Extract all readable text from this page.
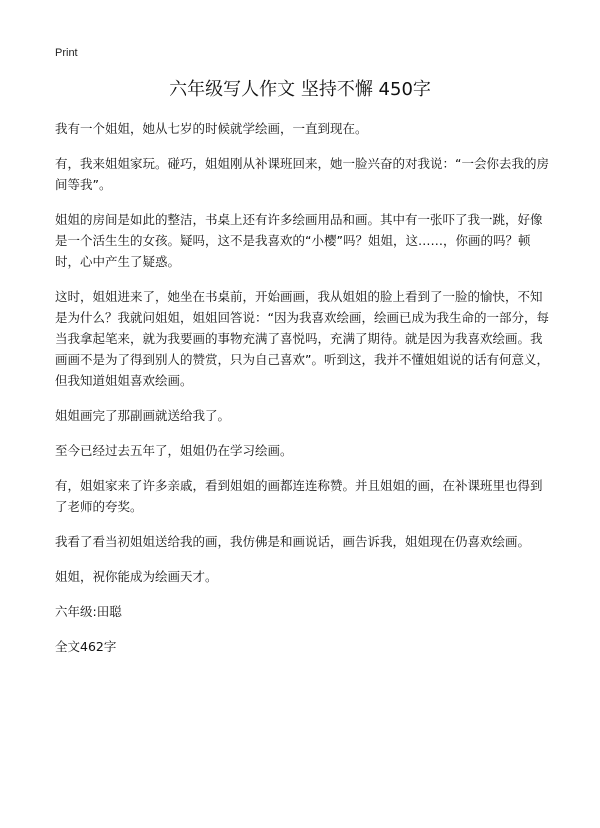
Print
六年级写人作文 坚持不懈 450字

我有一个姐姐，她从七岁的时候就学绘画，一直到现在。

有，我来姐姐家玩。碰巧，姐姐刚从补课班回来，她一脸兴奋的对我说：“一会你去我的房间等我”。

姐姐的房间是如此的整洁，书桌上还有许多绘画用品和画。其中有一张吓了我一跳，好像是一个活生生的女孩。疑吗，这不是我喜欢的“小樱”吗？姐姐，这……，你画的吗？顿时，心中产生了疑惑。

这时，姐姐进来了，她坐在书桌前，开始画画，我从姐姐的脸上看到了一脸的愉快，不知是为什么？我就问姐姐，姐姐回答说：“因为我喜欢绘画，绘画已成为我生命的一部分，每当我拿起笔来，就为我要画的事物充满了喜悦吗，充满了期待。就是因为我喜欢绘画。我画画不是为了得到别人的赞赏，只为自己喜欢”。听到这，我并不懂姐姐说的话有何意义，但我知道姐姐喜欢绘画。

姐姐画完了那副画就送给我了。

至今已经过去五年了，姐姐仍在学习绘画。

有，姐姐家来了许多亲戚，看到姐姐的画都连连称赞。并且姐姐的画，在补课班里也得到了老师的夸奖。

我看了看当初姐姐送给我的画，我仿佛是和画说话，画告诉我，姐姐现在仍喜欢绘画。

姐姐，祝你能成为绘画天才。

六年级:田聪

全文462字
